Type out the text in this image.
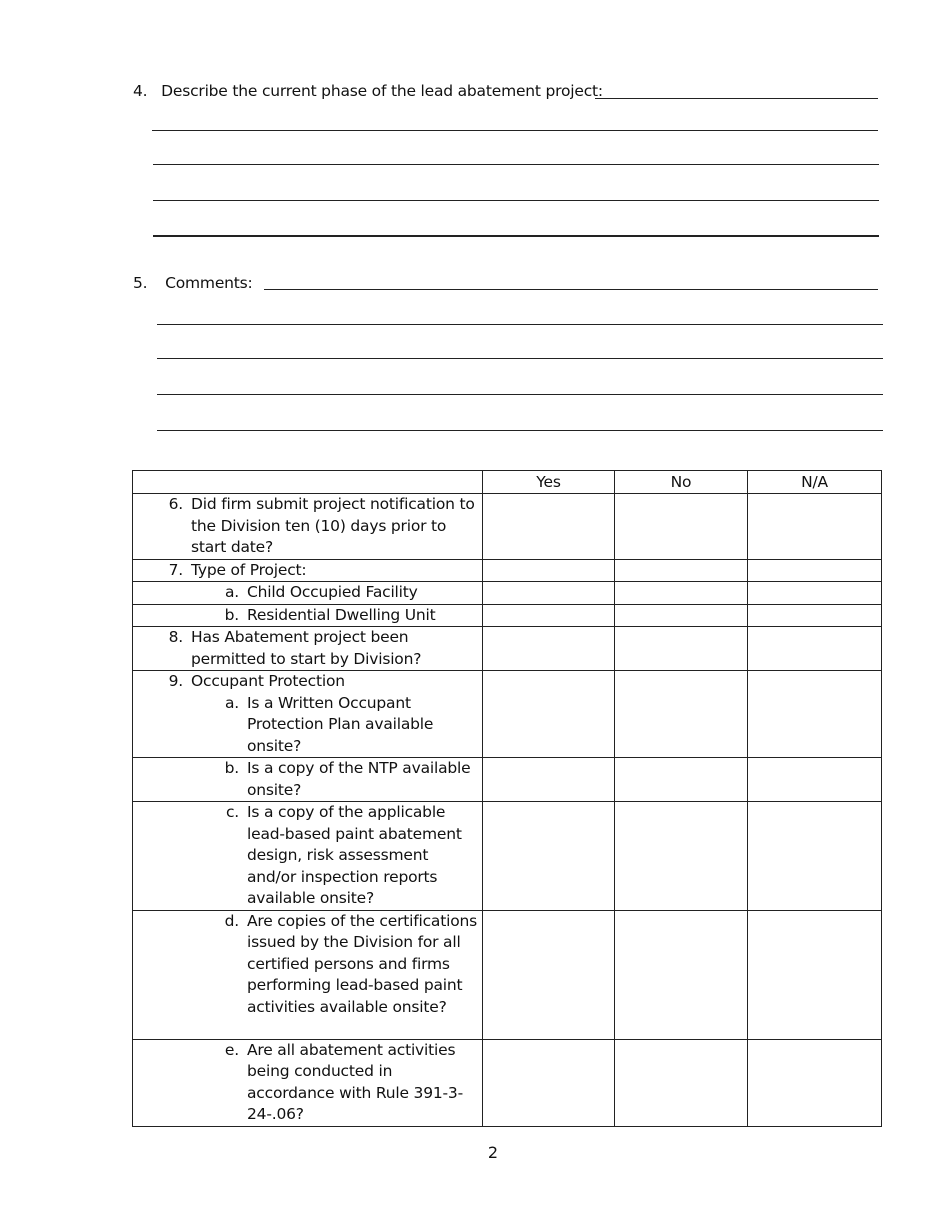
4. Describe the current phase of the lead abatement project:
5. Comments:
	Yes	No	N/A

6. Did firm submit project notification to the Division ten (10) days prior to start date?			

7. Type of Project:			

a. Child Occupied Facility			

b. Residential Dwelling Unit			

8. Has Abatement project been permitted to start by Division?			

9. Occupant Protection
a. Is a Written Occupant Protection Plan available onsite?			

b. Is a copy of the NTP available onsite?			

c. Is a copy of the applicable lead-based paint abatement design, risk assessment and/or inspection reports available onsite?			

d. Are copies of the certifications issued by the Division for all certified persons and firms performing lead-based paint activities available onsite?			

e. Are all abatement activities being conducted in accordance with Rule 391-3-24-.06?			

2
